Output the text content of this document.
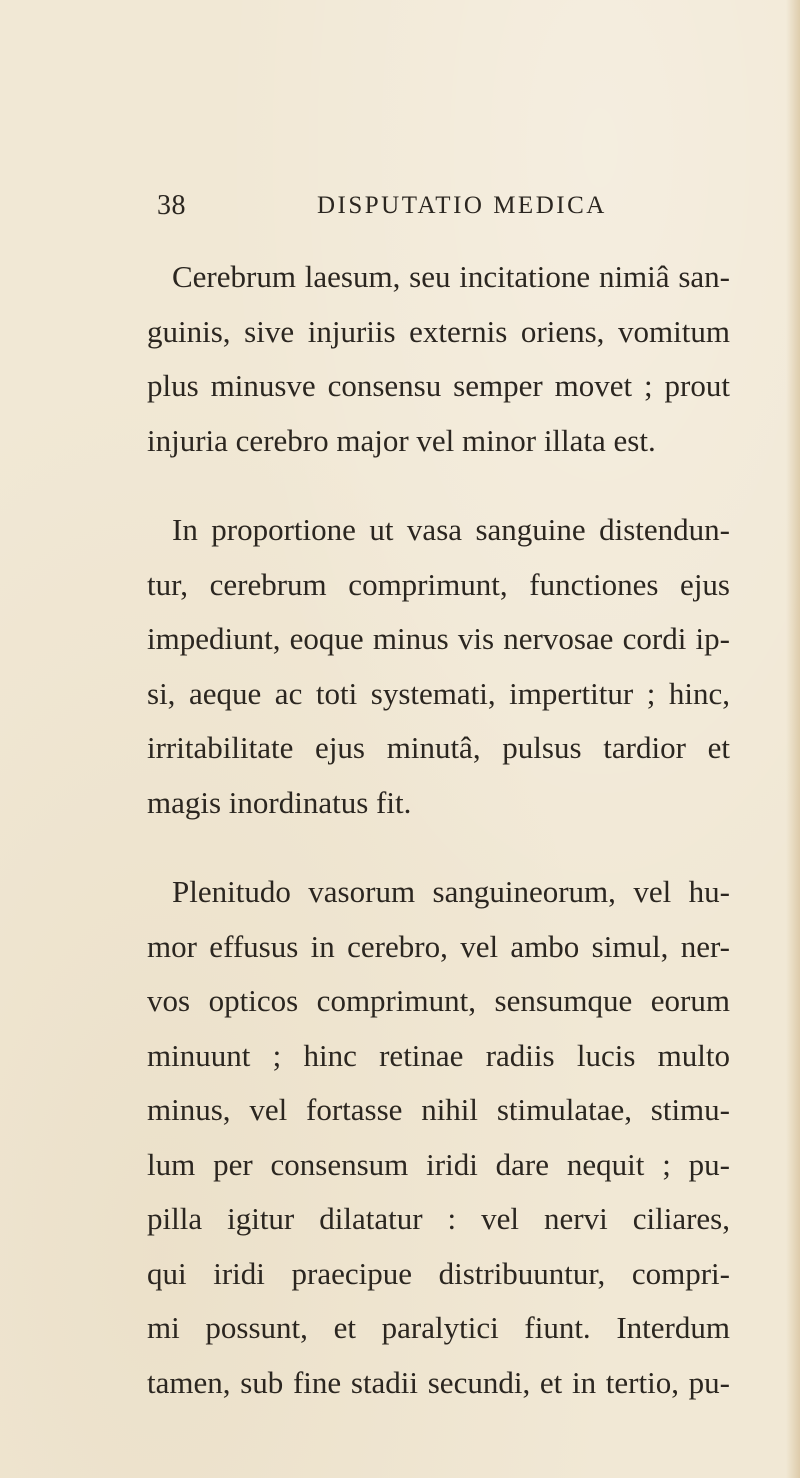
38	DISPUTATIO MEDICA

Cerebrum laesum, seu incitatione nimiâ san-
guinis, sive injuriis externis oriens, vomitum
plus minusve consensu semper movet ; prout
injuria cerebro major vel minor illata est.

In proportione ut vasa sanguine distendun-
tur, cerebrum comprimunt, functiones ejus
impediunt, eoque minus vis nervosae cordi ip-
si, aeque ac toti systemati, impertitur ; hinc,
irritabilitate ejus minutâ, pulsus tardior et
magis inordinatus fit.

Plenitudo vasorum sanguineorum, vel hu-
mor effusus in cerebro, vel ambo simul, ner-
vos opticos comprimunt, sensumque eorum
minuunt ; hinc retinae radiis lucis multo
minus, vel fortasse nihil stimulatae, stimu-
lum per consensum iridi dare nequit ; pu-
pilla igitur dilatatur : vel nervi ciliares,
qui iridi praecipue distribuuntur, compri-
mi possunt, et paralytici fiunt. Interdum
tamen, sub fine stadii secundi, et in tertio, pu-
